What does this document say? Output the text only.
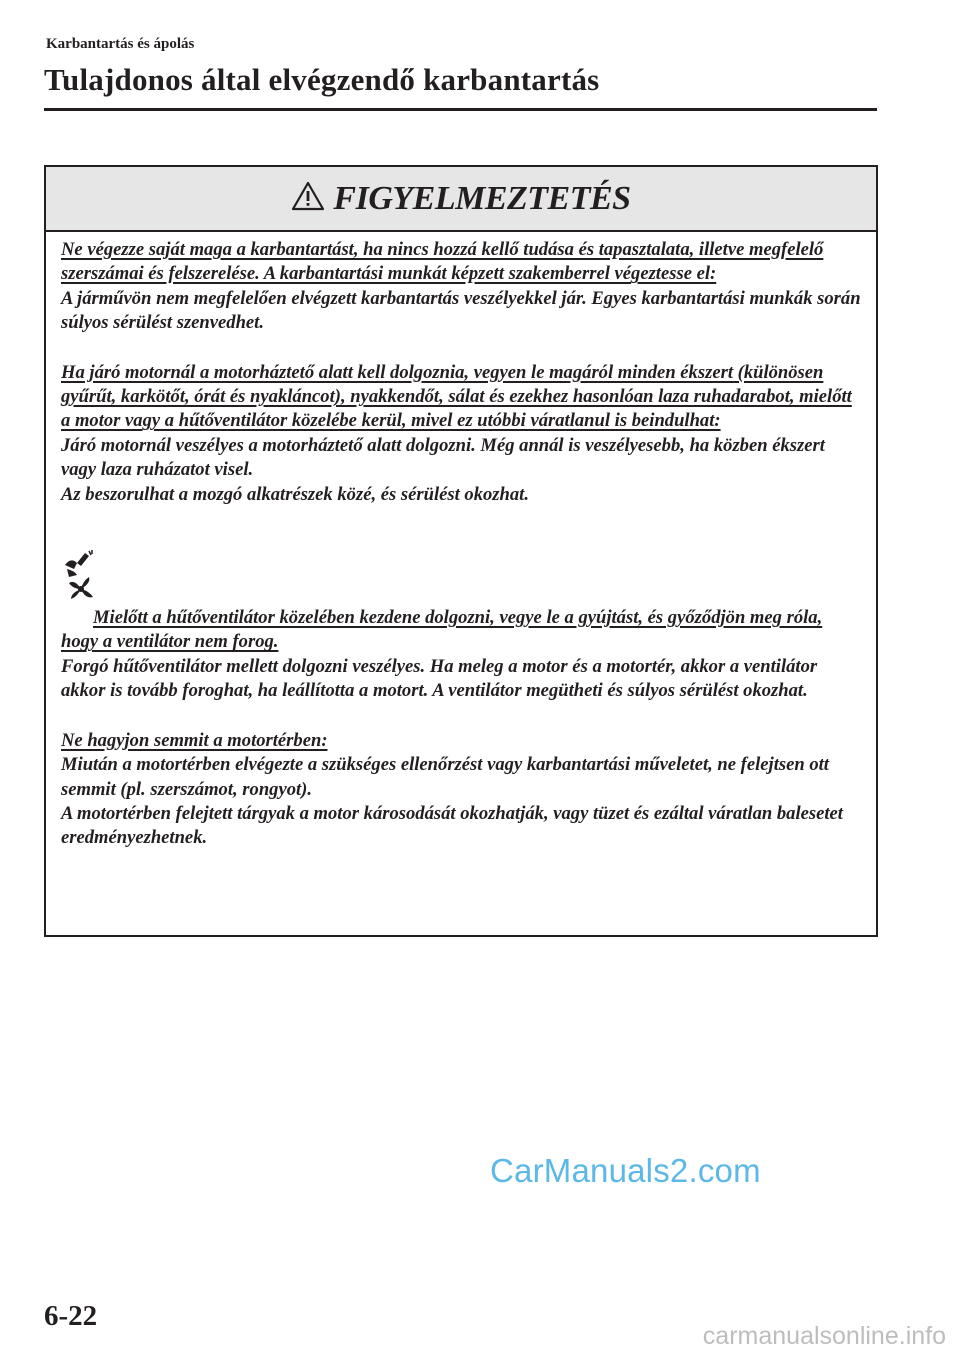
Karbantartás és ápolás
Tulajdonos által elvégzendő karbantartás
FIGYELMEZTETÉS

Ne végezze saját maga a karbantartást, ha nincs hozzá kellő tudása és tapasztalata, illetve megfelelő szerszámai és felszerelése. A karbantartási munkát képzett szakemberrel végeztesse el:

A járművön nem megfelelően elvégzett karbantartás veszélyekkel jár. Egyes karbantartási munkák során súlyos sérülést szenvedhet.

Ha járó motornál a motorháztető alatt kell dolgoznia, vegyen le magáról minden ékszert (különösen gyűrűt, karkötőt, órát és nyakláncot), nyakkendőt, sálat és ezekhez hasonlóan laza ruhadarabot, mielőtt a motor vagy a hűtőventilátor közelébe kerül, mivel ez utóbbi váratlanul is beindulhat:

Járó motornál veszélyes a motorháztető alatt dolgozni. Még annál is veszélyesebb, ha közben ékszert vagy laza ruházatot visel.

Az beszorulhat a mozgó alkatrészek közé, és sérülést okozhat.

Mielőtt a hűtőventilátor közelében kezdene dolgozni, vegye le a gyújtást, és győződjön meg róla, hogy a ventilátor nem forog.

Forgó hűtőventilátor mellett dolgozni veszélyes. Ha meleg a motor és a motortér, akkor a ventilátor akkor is tovább foroghat, ha leállította a motort. A ventilátor megütheti és súlyos sérülést okozhat.

Ne hagyjon semmit a motortérben:

Miután a motortérben elvégezte a szükséges ellenőrzést vagy karbantartási műveletet, ne felejtsen ott semmit (pl. szerszámot, rongyot).

A motortérben felejtett tárgyak a motor károsodását okozhatják, vagy tüzet és ezáltal váratlan balesetet eredményezhetnek.

CarManuals2.com
6-22
carmanualsonline.info
